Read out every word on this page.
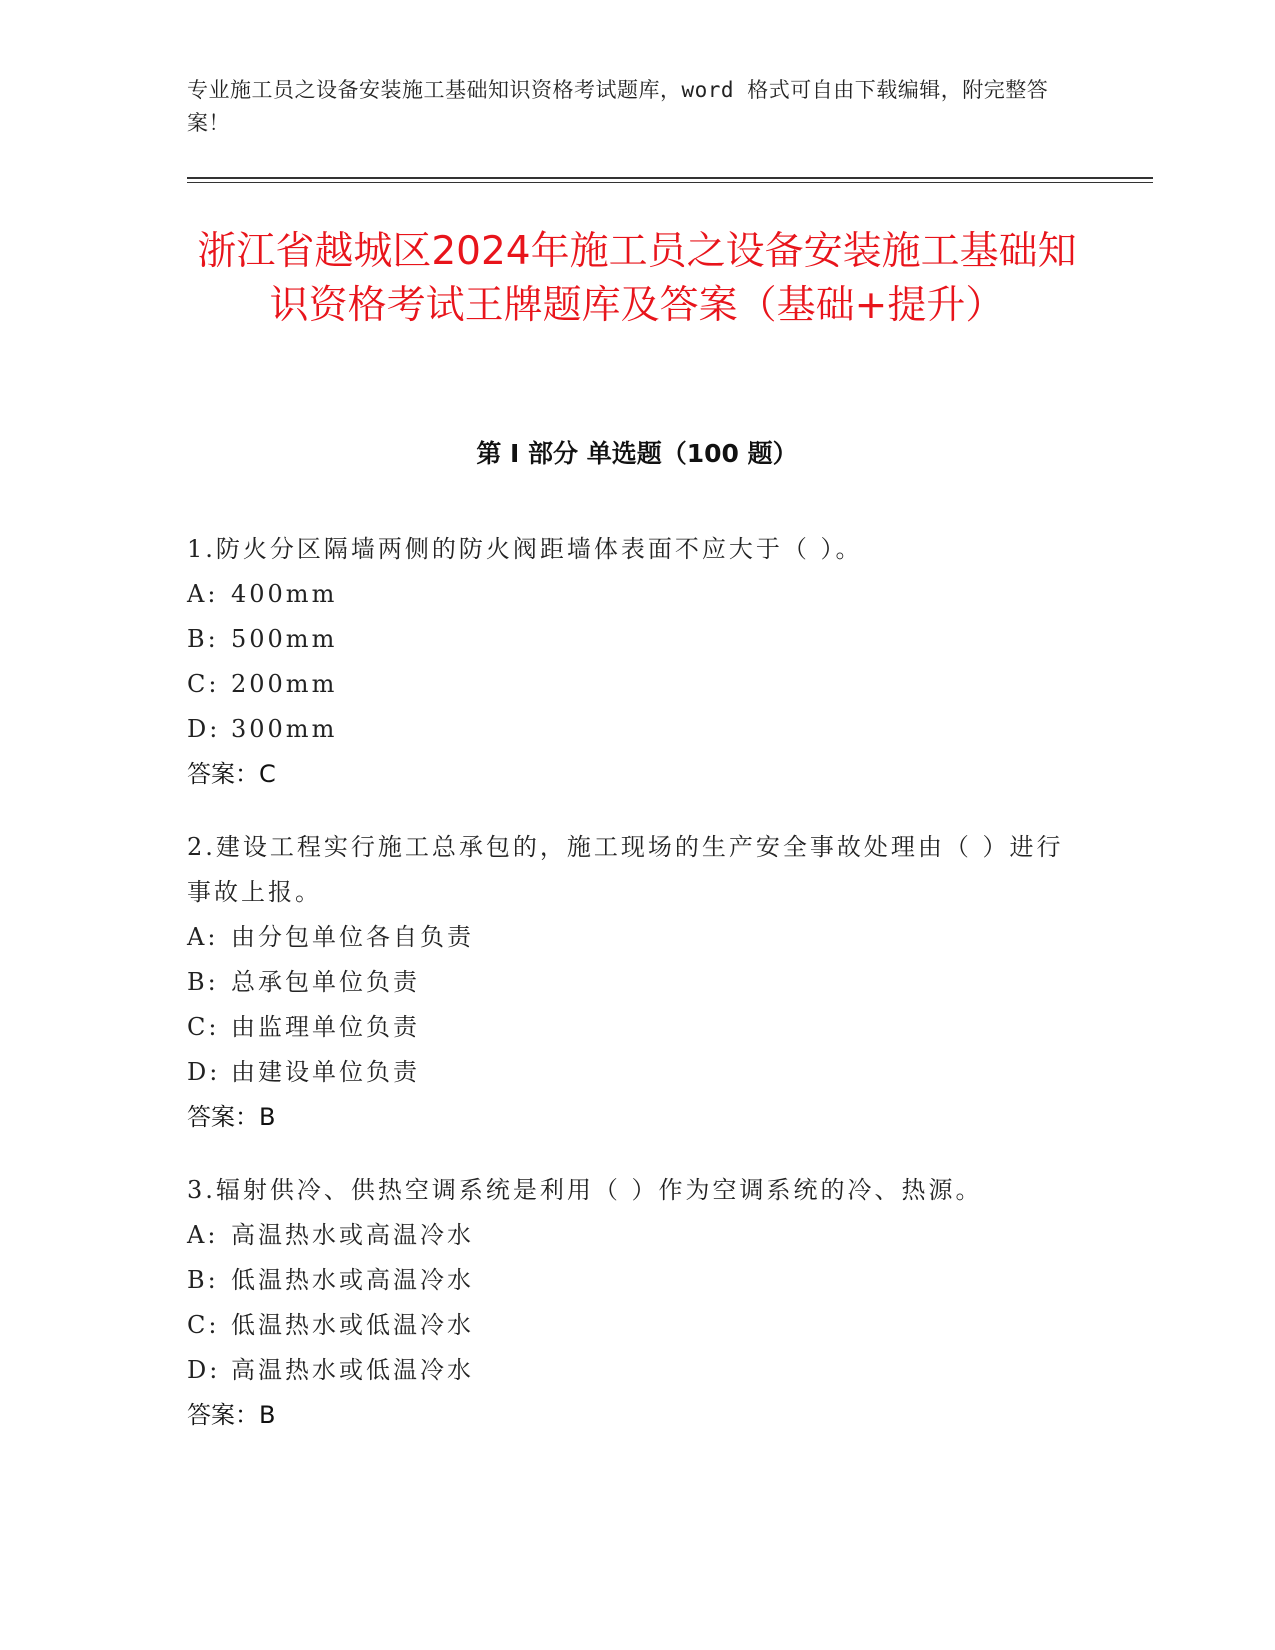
专业施工员之设备安装施工基础知识资格考试题库，word 格式可自由下载编辑，附完整答案！
浙江省越城区2024年施工员之设备安装施工基础知识资格考试王牌题库及答案（基础+提升）
第 I 部分 单选题（100 题）
1.防火分区隔墙两侧的防火阀距墙体表面不应大于（ ）。
A: 400mm
B: 500mm
C: 200mm
D: 300mm
答案：C
2.建设工程实行施工总承包的，施工现场的生产安全事故处理由（ ）进行事故上报。
A: 由分包单位各自负责
B: 总承包单位负责
C: 由监理单位负责
D: 由建设单位负责
答案：B
3.辐射供冷、供热空调系统是利用（ ）作为空调系统的冷、热源。
A: 高温热水或高温冷水
B: 低温热水或高温冷水
C: 低温热水或低温冷水
D: 高温热水或低温冷水
答案：B
